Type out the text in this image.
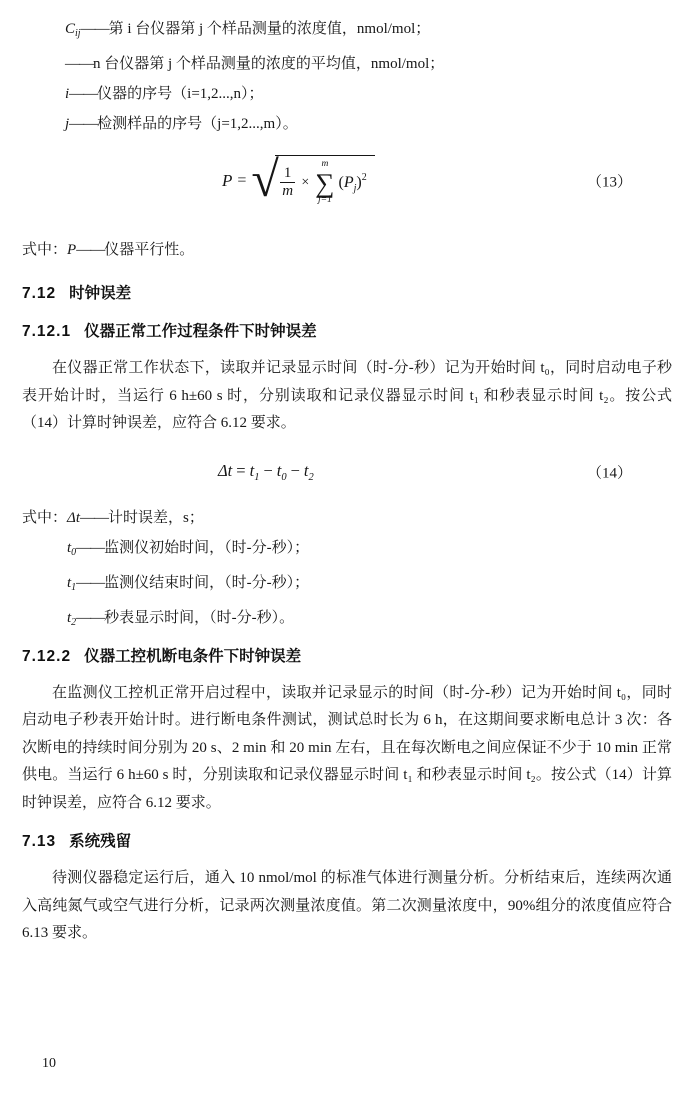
$C_{ij}——$第 i 台仪器第 j 个样品测量的浓度值，nmol/mol；
——n 台仪器第 j 个样品测量的浓度的平均值，nmol/mol；
i——仪器的序号（i=1,2...,n）；
j——检测样品的序号（j=1,2...,m）。
P = √ $\frac{1}{m}$ ×
m
∑
j=1
$(P_j)^2$	（13）
式中：P——仪器平行性。
7.12 时钟误差
7.12.1 仪器正常工作过程条件下时钟误差

在仪器正常工作状态下，读取并记录显示时间（时-分-秒）记为开始时间 t₀，同时启动电子秒表开始计时，当运行 6 h±60 s 时，分别读取和记录仪器显示时间 t₁ 和秒表显示时间 t₂。按公式（14）计算时钟误差，应符合 6.12 要求。

$\Delta t = t_1 - t_0 - t_2$	（14）
式中：Δt——计时误差，s；
$t_0——$监测仪初始时间，（时-分-秒）；
$t_1——$监测仪结束时间，（时-分-秒）；
$t_2——$秒表显示时间，（时-分-秒）。
7.12.2 仪器工控机断电条件下时钟误差

在监测仪工控机正常开启过程中，读取并记录显示的时间（时-分-秒）记为开始时间 t₀，同时启动电子秒表开始计时。进行断电条件测试，测试总时长为 6 h，在这期间要求断电总计 3 次：各次断电的持续时间分别为 20 s、2 min 和 20 min 左右，且在每次断电之间应保证不少于 10 min 正常供电。当运行 6 h±60 s 时，分别读取和记录仪器显示时间 t₁ 和秒表显示时间 t₂。按公式（14）计算时钟误差，应符合 6.12 要求。

7.13 系统残留

待测仪器稳定运行后，通入 10 nmol/mol 的标准气体进行测量分析。分析结束后，连续两次通入高纯氮气或空气进行分析，记录两次测量浓度值。第二次测量浓度中，90%组分的浓度值应符合 6.13 要求。

10
